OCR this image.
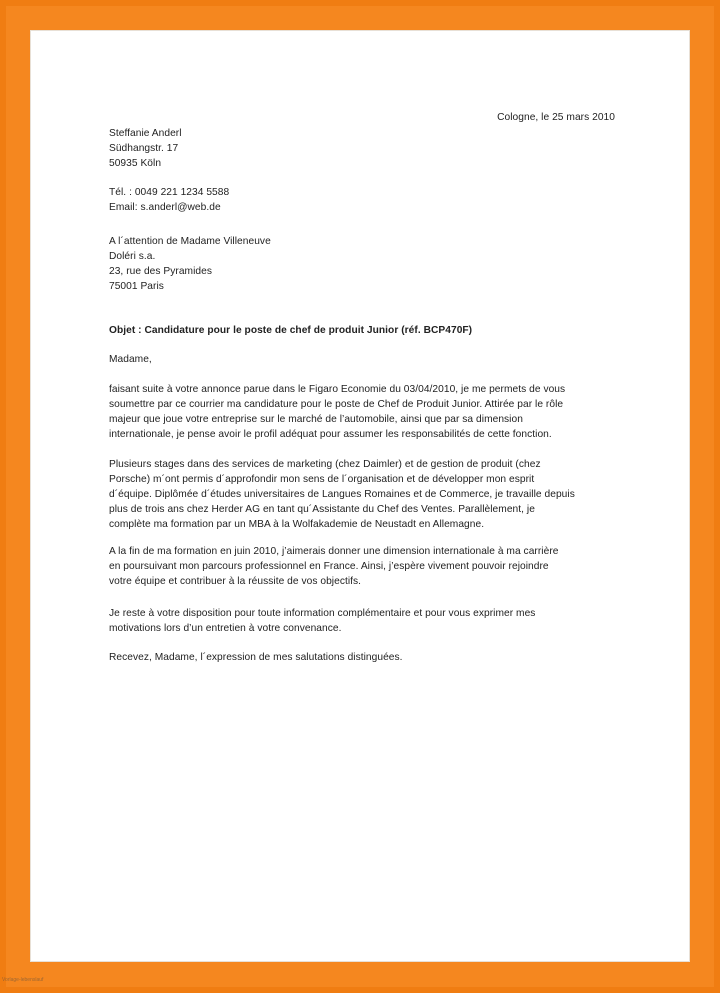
Cologne, le 25 mars 2010
Steffanie Anderl
Südhangstr. 17
50935 Köln
Tél. : 0049 221 1234 5588
Email: s.anderl@web.de
A l´attention de Madame Villeneuve
Doléri s.a.
23, rue des Pyramides
75001 Paris
Objet : Candidature pour le poste de chef de produit Junior (réf. BCP470F)
Madame,
faisant suite à votre annonce parue dans le Figaro Economie du 03/04/2010, je me permets de vous
soumettre par ce courrier ma candidature pour le poste de Chef de Produit Junior. Attirée par le rôle
majeur que joue votre entreprise sur le marché de l’automobile, ainsi que par sa dimension
internationale, je pense avoir le profil adéquat pour assumer les responsabilités de cette fonction.
Plusieurs stages dans des services de marketing (chez Daimler) et de gestion de produit (chez
Porsche) m´ont permis d´approfondir mon sens de l´organisation et de développer mon esprit
d´équipe. Diplômée d´études universitaires de Langues Romaines et de Commerce, je travaille depuis
plus de trois ans chez Herder AG en tant qu´Assistante du Chef des Ventes. Parallèlement, je
complète ma formation par un MBA à la Wolfakademie de Neustadt en Allemagne.
A la fin de ma formation en juin 2010, j’aimerais donner une dimension internationale à ma carrière
en poursuivant mon parcours professionnel en France. Ainsi, j’espère vivement pouvoir rejoindre
votre équipe et contribuer à la réussite de vos objectifs.
Je reste à votre disposition pour toute information complémentaire et pour vous exprimer mes
motivations lors d’un entretien à votre convenance.
Recevez, Madame, l´expression de mes salutations distinguées.
Vorlage-lebenslauf
